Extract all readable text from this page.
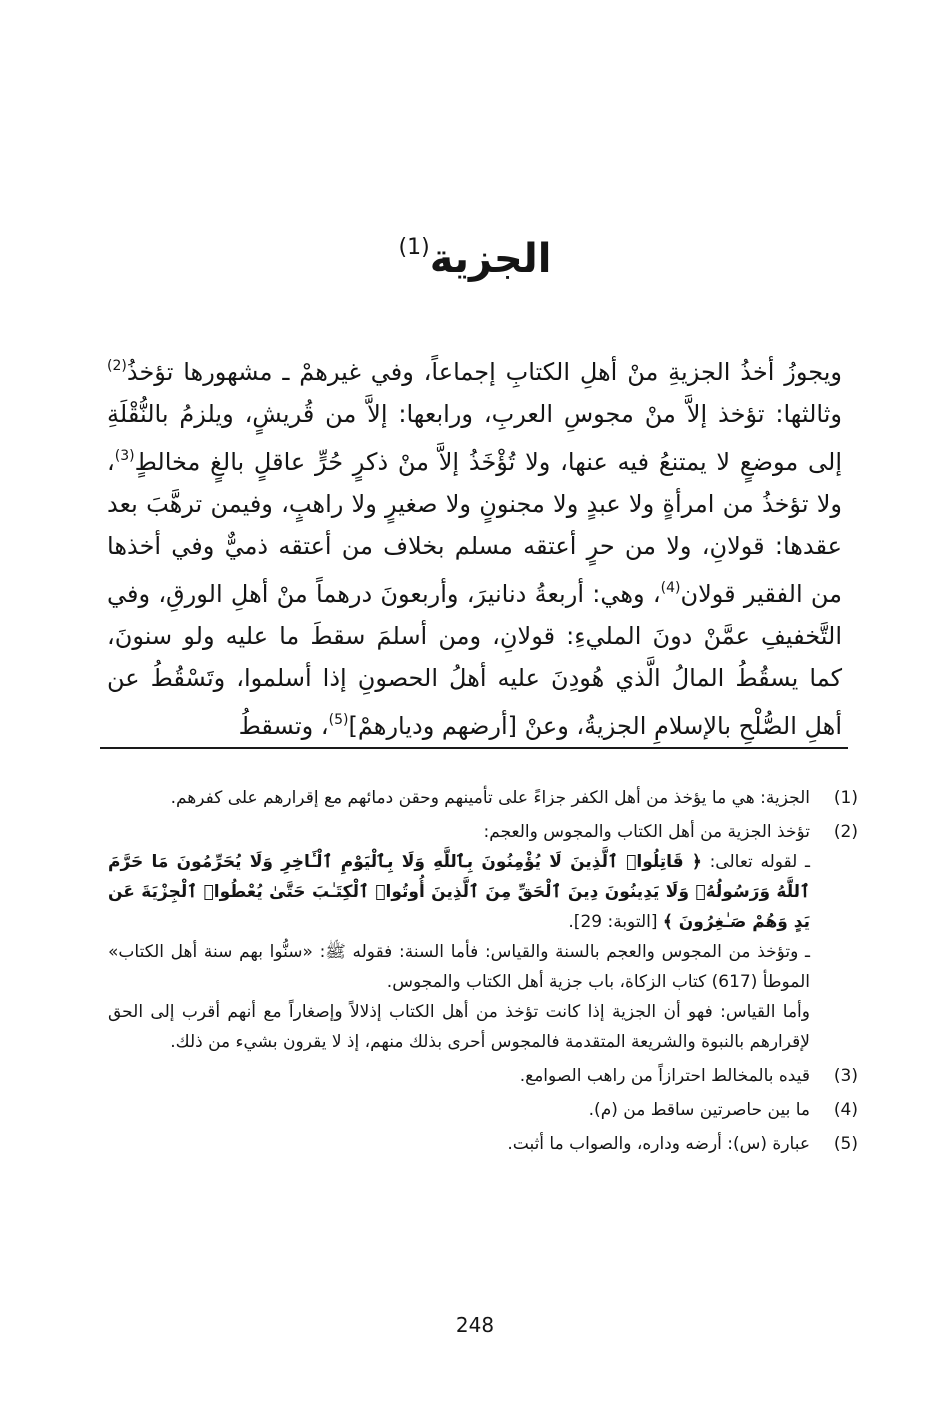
الجزية$^{(1)}$

ويجوزُ أخذُ الجزيةِ منْ أهلِ الكتابِ إجماعاً، وفي غيرهمْ ـ مشهورها تؤخذُ$^{(2)}$ وثالثها: تؤخذ إلاَّ منْ مجوسِ العربِ، ورابعها: إلاَّ من قُريشٍ، ويلزمُ بالنُّقْلَةِ إلى موضعٍ لا يمتنعُ فيه عنها، ولا تُؤْخَذُ إلاَّ منْ ذكرٍ حُرٍّ عاقلٍ بالغٍ مخالطٍ$^{(3)}$، ولا تؤخذُ من امرأةٍ ولا عبدٍ ولا مجنونٍ ولا صغيرٍ ولا راهبٍ، وفيمن ترهَّبَ بعد عقدها: قولانِ، ولا من حرٍ أعتقه مسلم بخلاف من أعتقه ذميٌّ وفي أخذها من الفقير قولان$^{(4)}$، وهي: أربعةُ دنانيرَ، وأربعونَ درهماً منْ أهلِ الورقِ، وفي التَّخفيفِ عمَّنْ دونَ المليءِ: قولانِ، ومن أسلمَ سقطَ ما عليه ولو سنونَ، كما يسقُطُ المالُ الَّذي هُودِنَ عليه أهلُ الحصونِ إذا أسلموا، وتَسْقُطُ عن أهلِ الصُّلْحِ بالإسلامِ الجزيةُ، وعنْ [أرضهم وديارهمْ]$^{(5)}$، وتسقطُ

(1)

الجزية: هي ما يؤخذ من أهل الكفر جزاءً على تأمينهم وحقن دمائهم مع إقرارهم على كفرهم.

(2)

تؤخذ الجزية من أهل الكتاب والمجوس والعجم:

ـ لقوله تعالى: ﴿ قَاتِلُوا۟ ٱلَّذِينَ لَا يُؤْمِنُونَ بِٱللَّهِ وَلَا بِٱلْيَوْمِ ٱلْـَٔاخِرِ وَلَا يُحَرِّمُونَ مَا حَرَّمَ ٱللَّهُ وَرَسُولُهُۥ وَلَا يَدِينُونَ دِينَ ٱلْحَقِّ مِنَ ٱلَّذِينَ أُوتُوا۟ ٱلْكِتَـٰبَ حَتَّىٰ يُعْطُوا۟ ٱلْجِزْيَةَ عَن يَدٍ وَهُمْ صَـٰغِرُونَ ﴾ [التوبة: 29].

ـ وتؤخذ من المجوس والعجم بالسنة والقياس: فأما السنة: فقوله ﷺ: «سنُّوا بهم سنة أهل الكتاب» الموطأ (617) كتاب الزكاة، باب جزية أهل الكتاب والمجوس.

وأما القياس: فهو أن الجزية إذا كانت تؤخذ من أهل الكتاب إذلالاً وإصغاراً مع أنهم أقرب إلى الحق لإقرارهم بالنبوة والشريعة المتقدمة فالمجوس أحرى بذلك منهم، إذ لا يقرون بشيء من ذلك.

(3)

قيده بالمخالط احترازاً من راهب الصوامع.

(4)

ما بين حاصرتين ساقط من (م).

(5)

عبارة (س): أرضه وداره، والصواب ما أثبت.

248
